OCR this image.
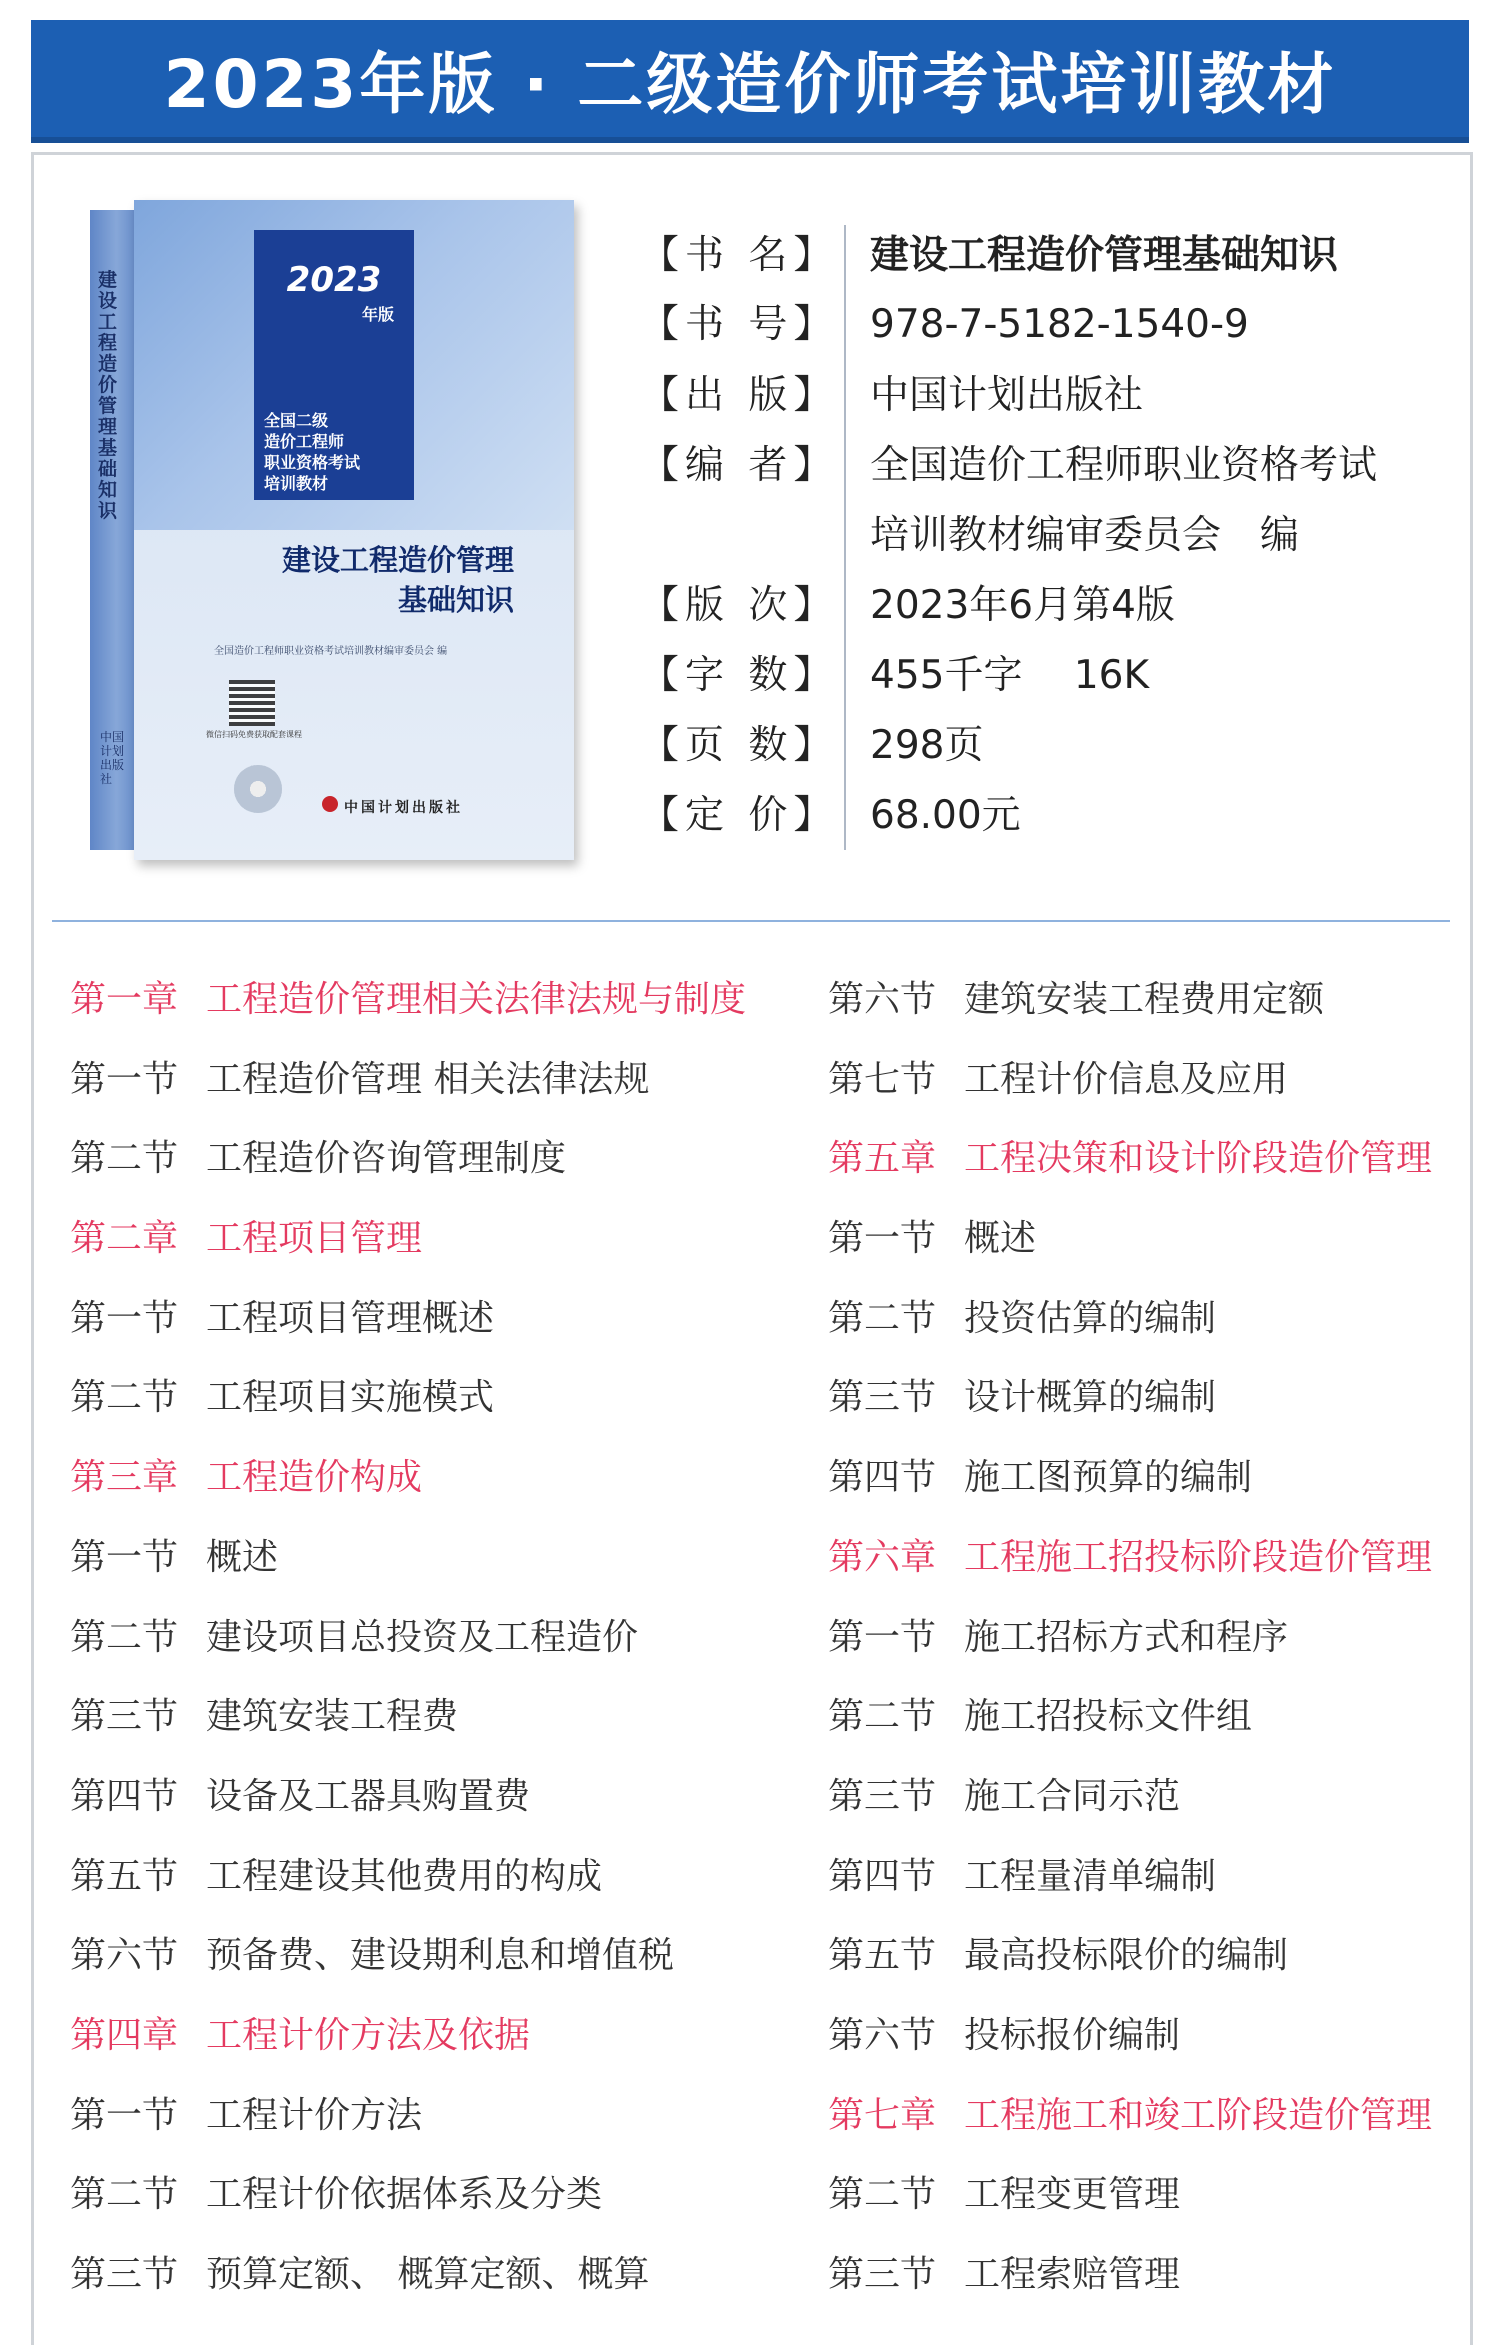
2023年版 · 二级造价师考试培训教材
建设工程造价管理基础知识
中国计划出版社
2023
年版
全国二级
造价工程师
职业资格考试
培训教材
建设工程造价管理
基础知识
全国造价工程师职业资格考试培训教材编审委员会 编
微信扫码免费获取配套课程
中国计划出版社
【书 名】 建设工程造价管理基础知识
【书 号】 978-7-5182-1540-9
【出 版】 中国计划出版社
【编 者】 全国造价工程师职业资格考试
培训教材编审委员会　编
【版 次】 2023年6月第4版
【字 数】 455千字　 16K
【页 数】 298页
【定 价】 68.00元
第一章 工程造价管理相关法律法规与制度
第一节 工程造价管理 相关法律法规
第二节 工程造价咨询管理制度
第二章 工程项目管理
第一节 工程项目管理概述
第二节 工程项目实施模式
第三章 工程造价构成
第一节 概述
第二节 建设项目总投资及工程造价
第三节 建筑安装工程费
第四节 设备及工器具购置费
第五节 工程建设其他费用的构成
第六节 预备费、建设期利息和增值税
第四章 工程计价方法及依据
第一节 工程计价方法
第二节 工程计价依据体系及分类
第三节 预算定额、 概算定额、概算
第六节 建筑安装工程费用定额
第七节 工程计价信息及应用
第五章 工程决策和设计阶段造价管理
第一节 概述
第二节 投资估算的编制
第三节 设计概算的编制
第四节 施工图预算的编制
第六章 工程施工招投标阶段造价管理
第一节 施工招标方式和程序
第二节 施工招投标文件组
第三节 施工合同示范
第四节 工程量清单编制
第五节 最高投标限价的编制
第六节 投标报价编制
第七章 工程施工和竣工阶段造价管理
第二节 工程变更管理
第三节 工程索赔管理
